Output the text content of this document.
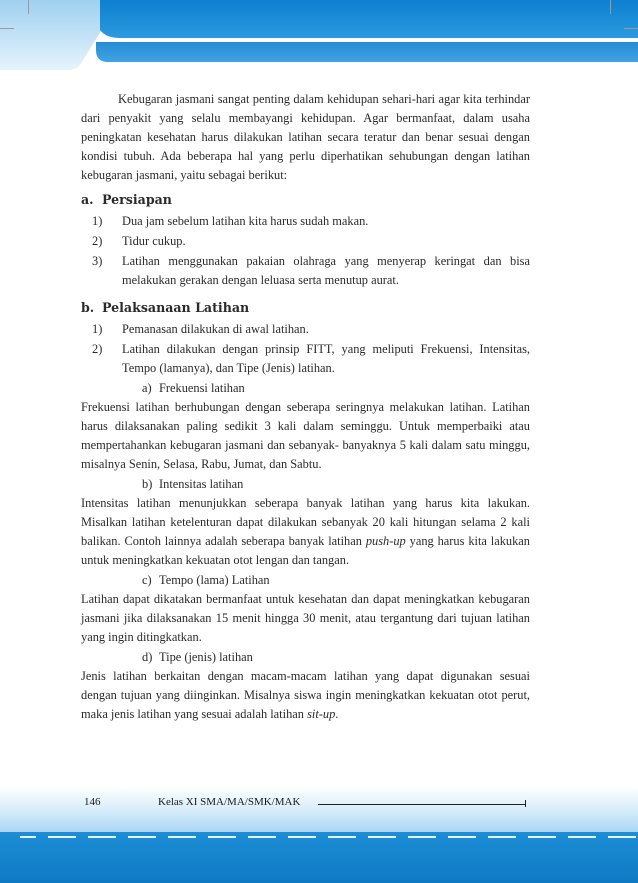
Kebugaran jasmani sangat penting dalam kehidupan sehari-hari agar kita terhindar dari penyakit yang selalu membayangi kehidupan. Agar bermanfaat, dalam usaha peningkatan kesehatan harus dilakukan latihan secara teratur dan benar sesuai dengan kondisi tubuh. Ada beberapa hal yang perlu diperhatikan sehubungan dengan latihan kebugaran jasmani, yaitu sebagai berikut:

a. Persiapan
1)	Dua jam sebelum latihan kita harus sudah makan.
2)	Tidur cukup.
3)	Latihan menggunakan pakaian olahraga yang menyerap keringat dan bisa melakukan gerakan dengan leluasa serta menutup aurat.
b. Pelaksanaan Latihan
1)	Pemanasan dilakukan di awal latihan.
2)	Latihan dilakukan dengan prinsip FITT, yang meliputi Frekuensi, Intensitas, Tempo (lamanya), dan Tipe (Jenis) latihan.
a) Frekuensi latihan

Frekuensi latihan berhubungan dengan seberapa seringnya melakukan latihan. Latihan harus dilaksanakan paling sedikit 3 kali dalam seminggu. Untuk memperbaiki atau mempertahankan kebugaran jasmani dan sebanyak- banyaknya 5 kali dalam satu minggu, misalnya Senin, Selasa, Rabu, Jumat, dan Sabtu.

b) Intensitas latihan

Intensitas latihan menunjukkan seberapa banyak latihan yang harus kita lakukan. Misalkan latihan ketelenturan dapat dilakukan sebanyak 20 kali hitungan selama 2 kali balikan. Contoh lainnya adalah seberapa banyak latihan push-up yang harus kita lakukan untuk meningkatkan kekuatan otot lengan dan tangan.

c) Tempo (lama) Latihan

Latihan dapat dikatakan bermanfaat untuk kesehatan dan dapat meningkatkan kebugaran jasmani jika dilaksanakan 15 menit hingga 30 menit, atau tergantung dari tujuan latihan yang ingin ditingkatkan.

d) Tipe (jenis) latihan

Jenis latihan berkaitan dengan macam-macam latihan yang dapat digunakan sesuai dengan tujuan yang diinginkan. Misalnya siswa ingin meningkatkan kekuatan otot perut, maka jenis latihan yang sesuai adalah latihan sit-up.

146	Kelas XI SMA/MA/SMK/MAK
